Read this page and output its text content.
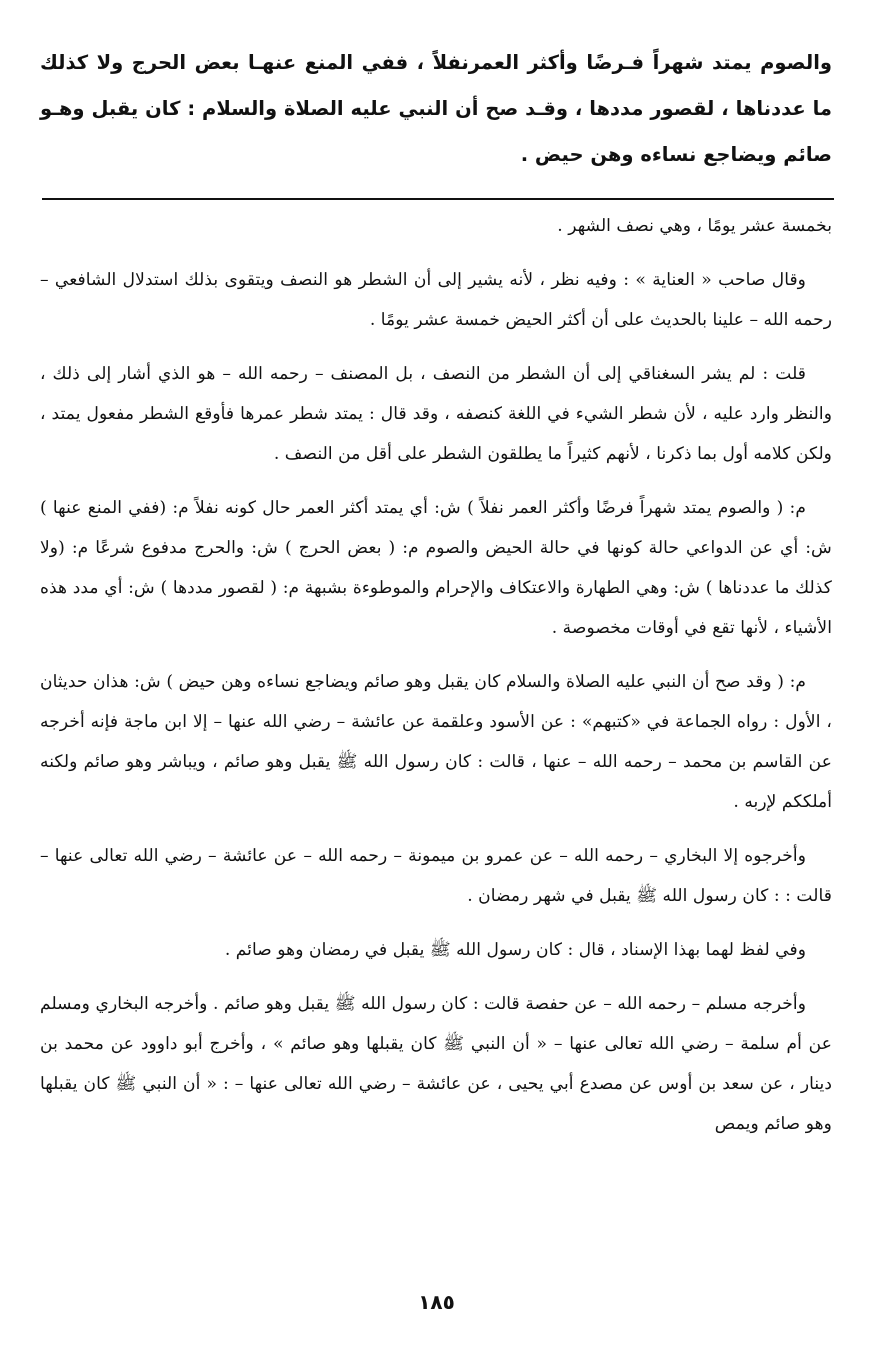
والصوم يمتد شهراً فـرضًا وأكثر العمرنفلاً ، ففي المنع عنهـا بعض الحرج ولا كذلك ما عددناها ، لقصور مددها ، وقـد صح أن النبي عليه الصلاة والسلام : كان يقبل وهـو صائم ويضاجع نساءه وهن حيض .

بخمسة عشر يومًا ، وهي نصف الشهر .

وقال صاحب « العناية » : وفيه نظر ، لأنه يشير إلى أن الشطر هو النصف ويتقوى بذلك استدلال الشافعي – رحمه الله – علينا بالحديث على أن أكثر الحيض خمسة عشر يومًا .

قلت : لم يشر السغناقي إلى أن الشطر من النصف ، بل المصنف – رحمه الله – هو الذي أشار إلى ذلك ، والنظر وارد عليه ، لأن شطر الشيء في اللغة كنصفه ، وقد قال : يمتد شطر عمرها فأوقع الشطر مفعول يمتد ، ولكن كلامه أول بما ذكرنا ، لأنهم كثيراً ما يطلقون الشطر على أقل من النصف .

م: ( والصوم يمتد شهراً فرضًا وأكثر العمر نفلاً ) ش: أي يمتد أكثر العمر حال كونه نفلاً م: (ففي المنع عنها ) ش: أي عن الدواعي حالة كونها في حالة الحيض والصوم م: ( بعض الحرج ) ش: والحرج مدفوع شرعًا م: (ولا كذلك ما عددناها ) ش: وهي الطهارة والاعتكاف والإحرام والموطوءة بشبهة م: ( لقصور مددها ) ش: أي مدد هذه الأشياء ، لأنها تقع في أوقات مخصوصة .

م: ( وقد صح أن النبي عليه الصلاة والسلام كان يقبل وهو صائم ويضاجع نساءه وهن حيض ) ش: هذان حديثان ، الأول : رواه الجماعة في «كتبهم» : عن الأسود وعلقمة عن عائشة – رضي الله عنها – إلا ابن ماجة فإنه أخرجه عن القاسم بن محمد – رحمه الله – عنها ، قالت : كان رسول الله ﷺ يقبل وهو صائم ، ويباشر وهو صائم ولكنه أملككم لإربه .

وأخرجوه إلا البخاري – رحمه الله – عن عمرو بن ميمونة – رحمه الله – عن عائشة – رضي الله تعالى عنها – قالت : : كان رسول الله ﷺ يقبل في شهر رمضان .

وفي لفظ لهما بهذا الإسناد ، قال : كان رسول الله ﷺ يقبل في رمضان وهو صائم .

وأخرجه مسلم – رحمه الله – عن حفصة قالت : كان رسول الله ﷺ يقبل وهو صائم . وأخرجه البخاري ومسلم عن أم سلمة – رضي الله تعالى عنها – « أن النبي ﷺ كان يقبلها وهو صائم » ، وأخرج أبو داوود عن محمد بن دينار ، عن سعد بن أوس عن مصدع أبي يحيى ، عن عائشة – رضي الله تعالى عنها – : « أن النبي ﷺ كان يقبلها وهو صائم ويمص

١٨٥
